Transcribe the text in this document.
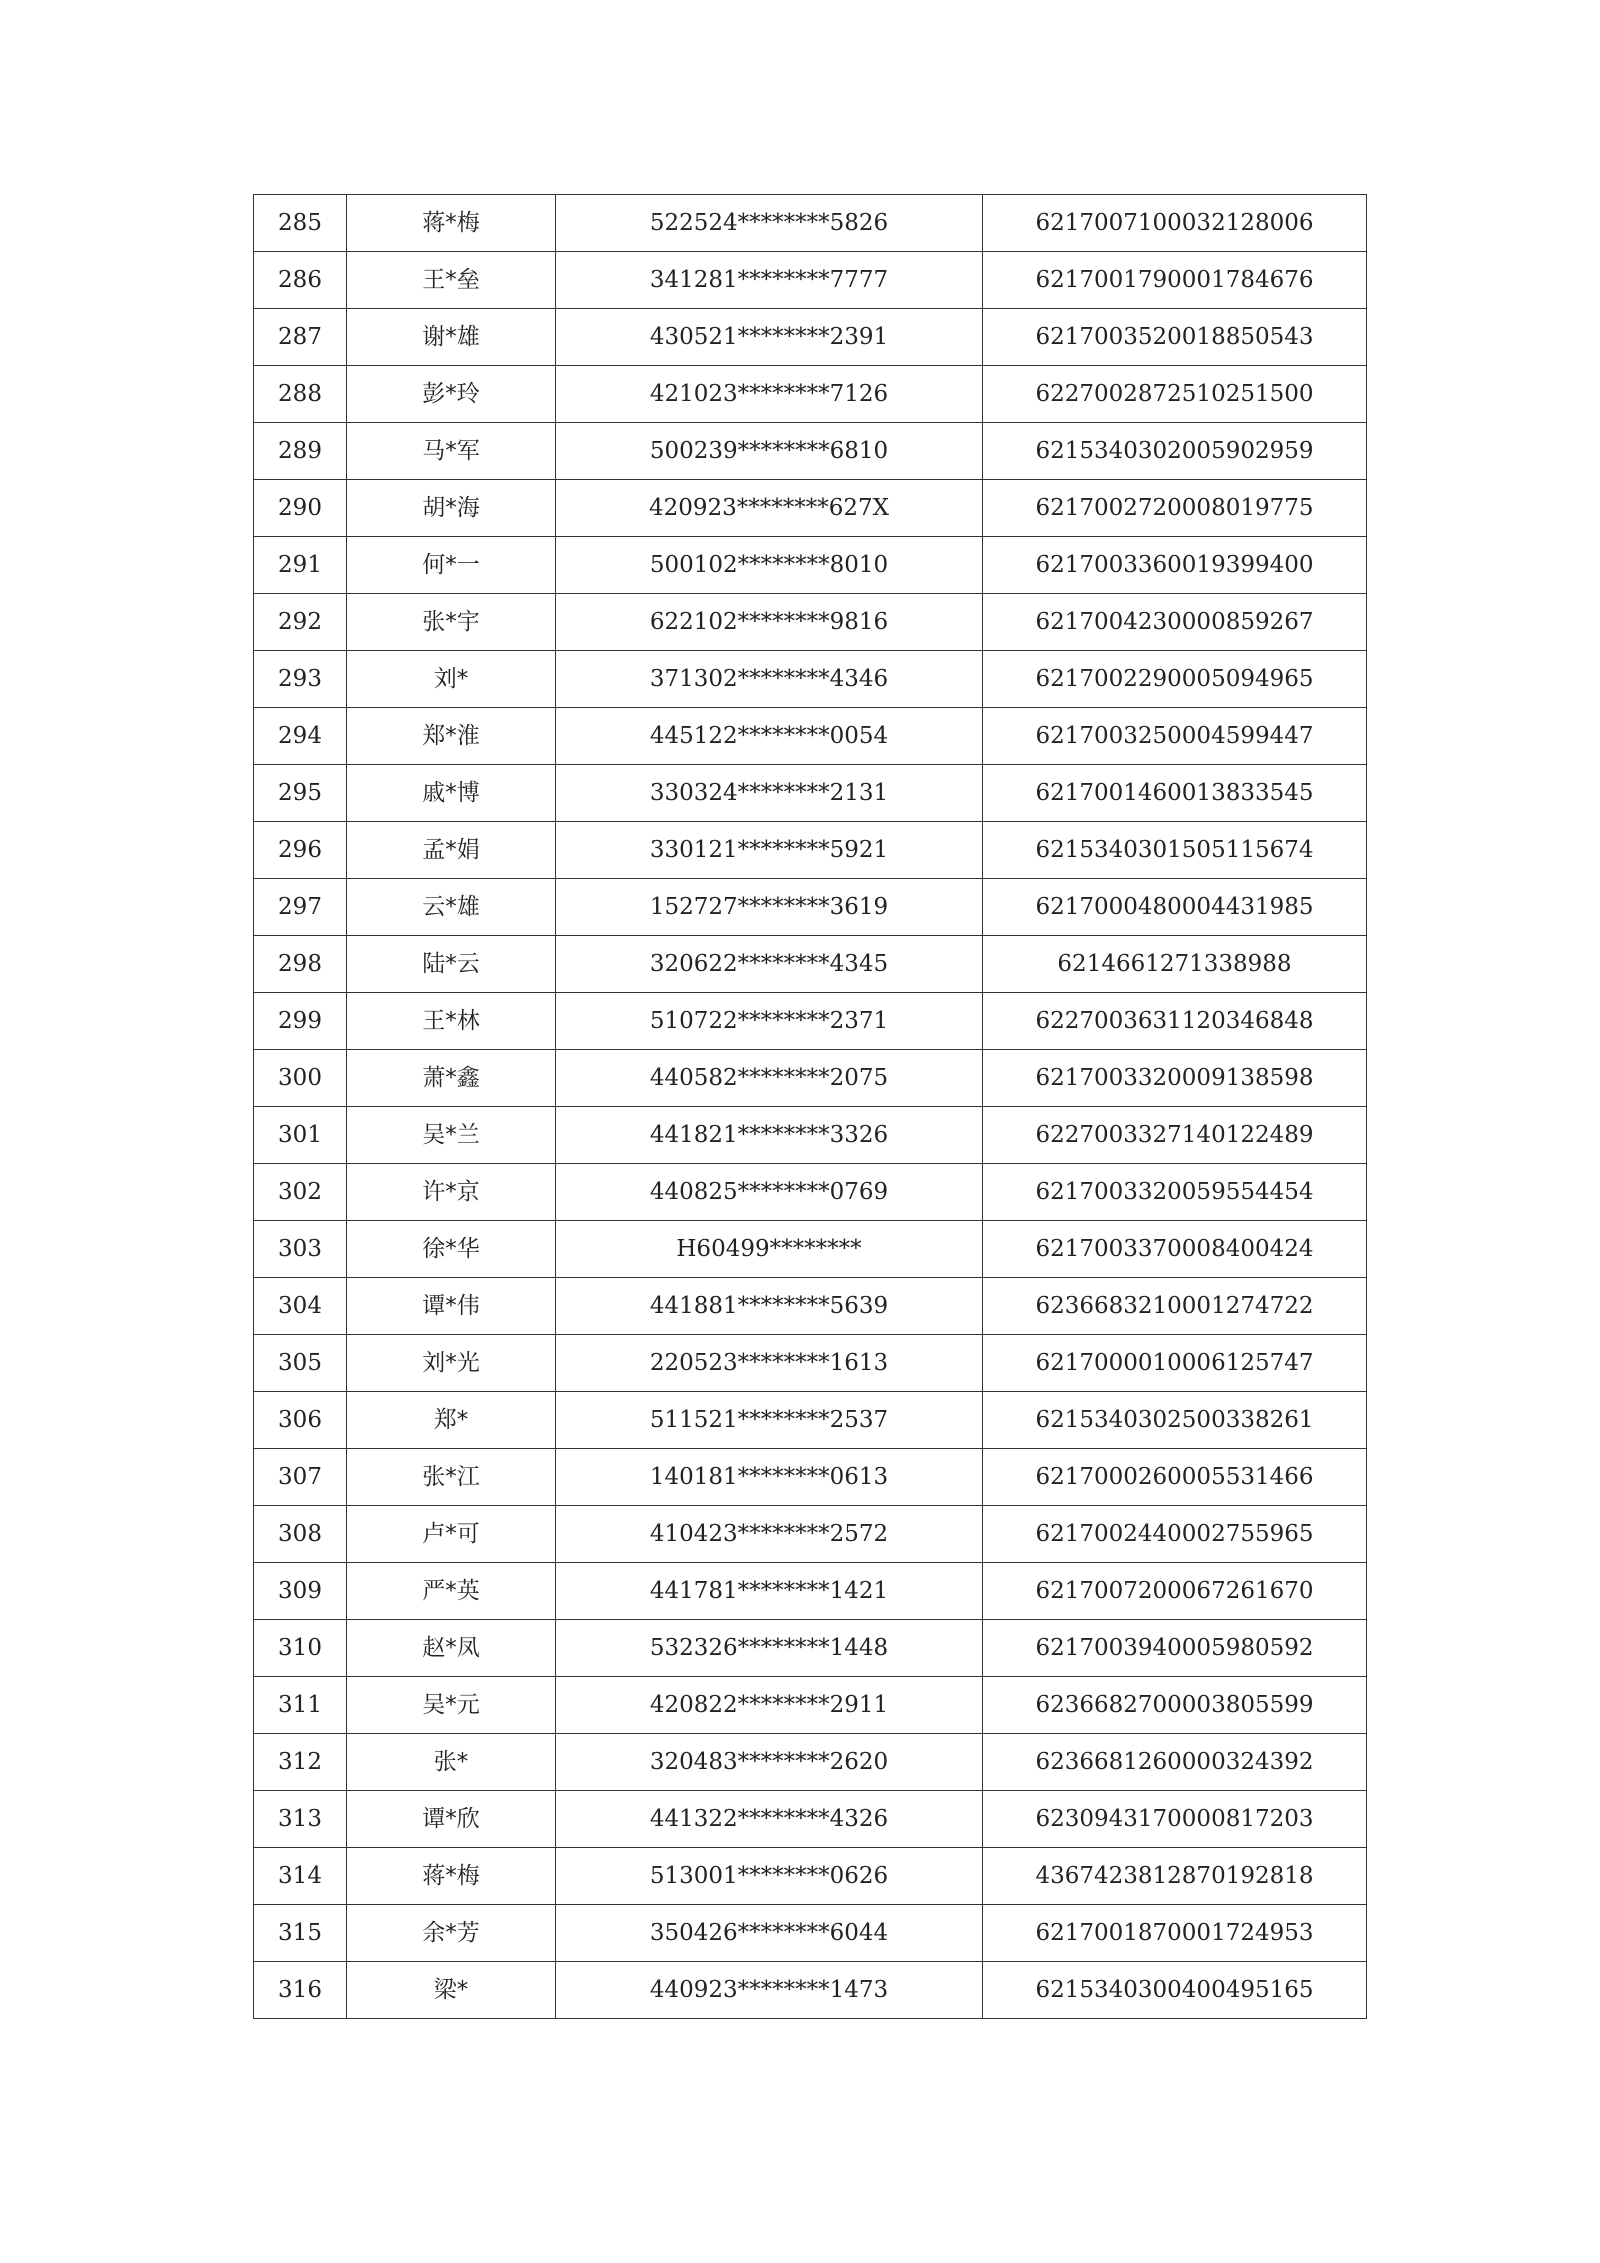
285	蒋*梅	522524********5826	6217007100032128006
286	王*垒	341281********7777	6217001790001784676
287	谢*雄	430521********2391	6217003520018850543
288	彭*玲	421023********7126	6227002872510251500
289	马*军	500239********6810	6215340302005902959
290	胡*海	420923********627X	6217002720008019775
291	何*一	500102********8010	6217003360019399400
292	张*宇	622102********9816	6217004230000859267
293	刘*	371302********4346	6217002290005094965
294	郑*淮	445122********0054	6217003250004599447
295	戚*博	330324********2131	6217001460013833545
296	孟*娟	330121********5921	6215340301505115674
297	云*雄	152727********3619	6217000480004431985
298	陆*云	320622********4345	6214661271338988
299	王*林	510722********2371	6227003631120346848
300	萧*鑫	440582********2075	6217003320009138598
301	吴*兰	441821********3326	6227003327140122489
302	许*京	440825********0769	6217003320059554454
303	徐*华	H60499********	6217003370008400424
304	谭*伟	441881********5639	6236683210001274722
305	刘*光	220523********1613	6217000010006125747
306	郑*	511521********2537	6215340302500338261
307	张*江	140181********0613	6217000260005531466
308	卢*可	410423********2572	6217002440002755965
309	严*英	441781********1421	6217007200067261670
310	赵*凤	532326********1448	6217003940005980592
311	吴*元	420822********2911	6236682700003805599
312	张*	320483********2620	6236681260000324392
313	谭*欣	441322********4326	6230943170000817203
314	蒋*梅	513001********0626	4367423812870192818
315	余*芳	350426********6044	6217001870001724953
316	梁*	440923********1473	6215340300400495165
